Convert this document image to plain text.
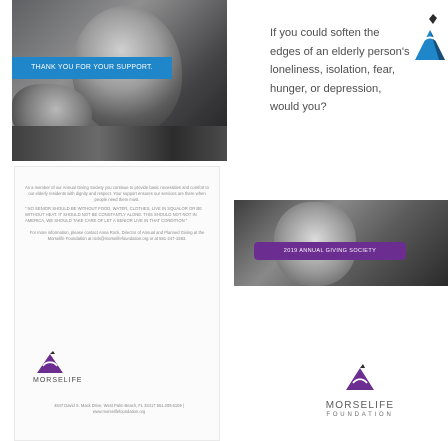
THANK YOU FOR YOUR SUPPORT.
If you could soften the edges of an elderly person's loneliness, isolation, fear, hunger, or depression, would you?

As a member of our Annual Giving Society you continue to provide basic necessities and comfort to our elderly residents with dignity and respect. Your support ensures our services are there when people need them most.

“ NO SENIOR SHOULD BE WITHOUT FOOD, WATER, CLOTHES, LIVE IN SQUALOR OR BE WITHOUT HEAT. IT SHOULD NOT BE CONSTANTLY ALONE. THIS SHOULD NOT NOT IN AMERICA, WE SHOULD TAKE CARE OF LET A SENIOR LIVE IN THAT CONDITION ”

For more information, please contact Anna Rock, Director of Annual and Planned Giving at the Morselife Foundation at rock@morselifefoundation.org or at 561-247-1583.

MORSELIFE
4847 David S. Mack Drive, West Palm Beach, FL 33417 561.209.6109 | www.morselifefoundation.org
2019 ANNUAL GIVING SOCIETY
MORSELIFE
FOUNDATION
